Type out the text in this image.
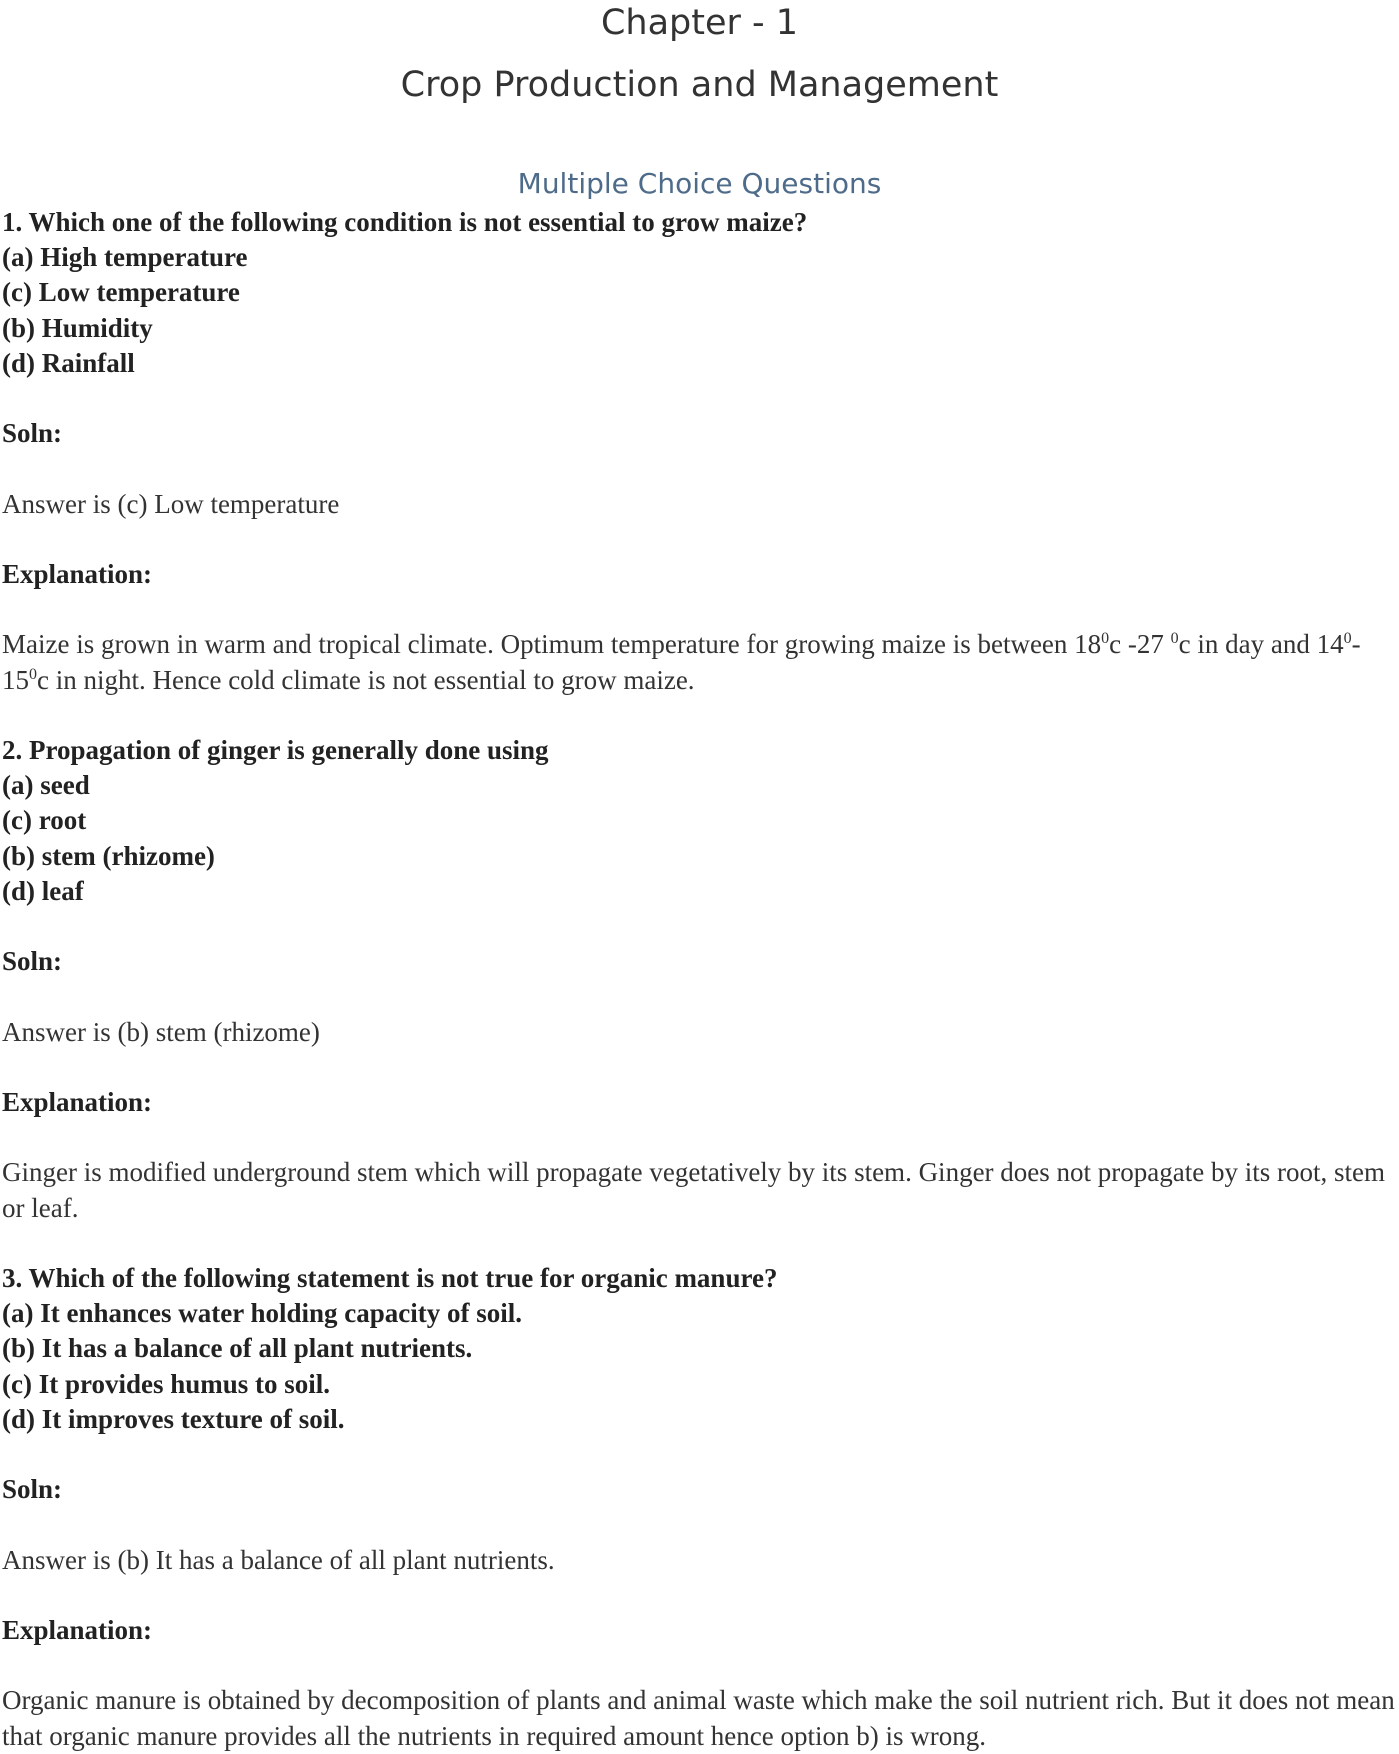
Chapter - 1
Crop Production and Management
Multiple Choice Questions

1. Which one of the following condition is not essential to grow maize?

(a) High temperature

(c) Low temperature

(b) Humidity

(d) Rainfall

Soln:

Answer is (c) Low temperature

Explanation:

Maize is grown in warm and tropical climate. Optimum temperature for growing maize is between $18^0c$ -27 $^0$c in day and $14^0-15^0c$ in night. Hence cold climate is not essential to grow maize.

2. Propagation of ginger is generally done using

(a) seed

(c) root

(b) stem (rhizome)

(d) leaf

Soln:

Answer is (b) stem (rhizome)

Explanation:

Ginger is modified underground stem which will propagate vegetatively by its stem. Ginger does not propagate by its root, stem or leaf.

3. Which of the following statement is not true for organic manure?

(a) It enhances water holding capacity of soil.

(b) It has a balance of all plant nutrients.

(c) It provides humus to soil.

(d) It improves texture of soil.

Soln:

Answer is (b) It has a balance of all plant nutrients.

Explanation:

Organic manure is obtained by decomposition of plants and animal waste which make the soil nutrient rich. But it does not mean that organic manure provides all the nutrients in required amount hence option b) is wrong.
